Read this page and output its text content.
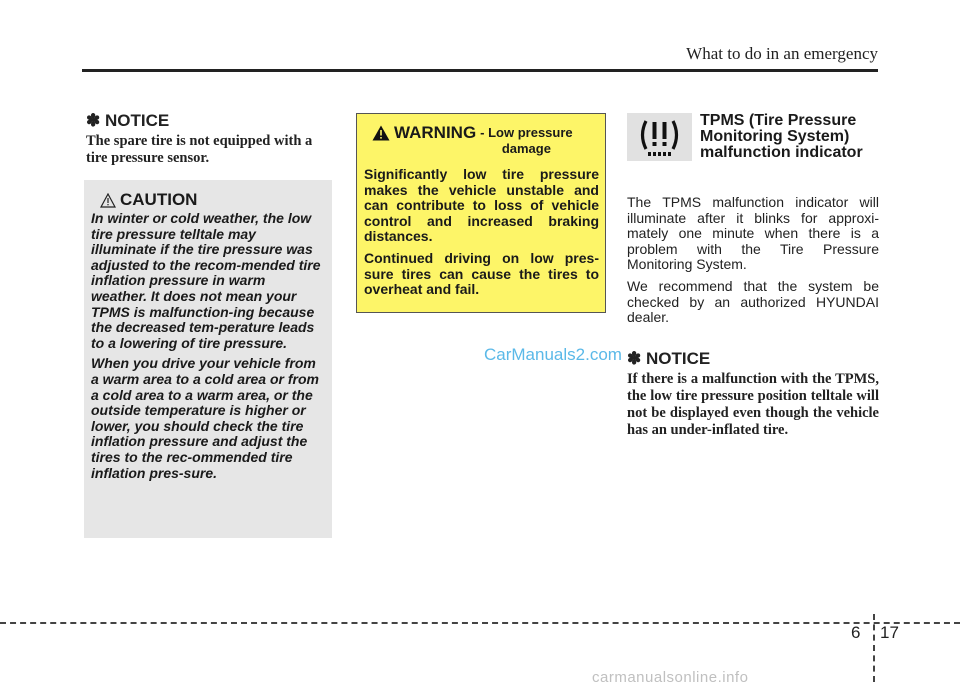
What to do in an emergency
✽ NOTICE
The spare tire is not equipped with a tire pressure sensor.
CAUTION

In winter or cold weather, the low tire pressure telltale may illuminate if the tire pressure was adjusted to the recom-mended tire inflation pressure in warm weather. It does not mean your TPMS is malfunction-ing because the decreased tem-perature leads to a lowering of tire pressure.

When you drive your vehicle from a warm area to a cold area or from a cold area to a warm area, or the outside temperature is higher or lower, you should check the tire inflation pressure and adjust the tires to the rec-ommended tire inflation pres-sure.

WARNING - Low pressure
damage

Significantly low tire pressure makes the vehicle unstable and can contribute to loss of vehicle control and increased braking distances.

Continued driving on low pres-sure tires can cause the tires to overheat and fail.

CarManuals2.com
TPMS (Tire Pressure Monitoring System) malfunction indicator

The TPMS malfunction indicator will illuminate after it blinks for approxi-mately one minute when there is a problem with the Tire Pressure Monitoring System.

We recommend that the system be checked by an authorized HYUNDAI dealer.

✽ NOTICE
If there is a malfunction with the TPMS, the low tire pressure position telltale will not be displayed even though the vehicle has an under-inflated tire.
6 17
carmanualsonline.info
